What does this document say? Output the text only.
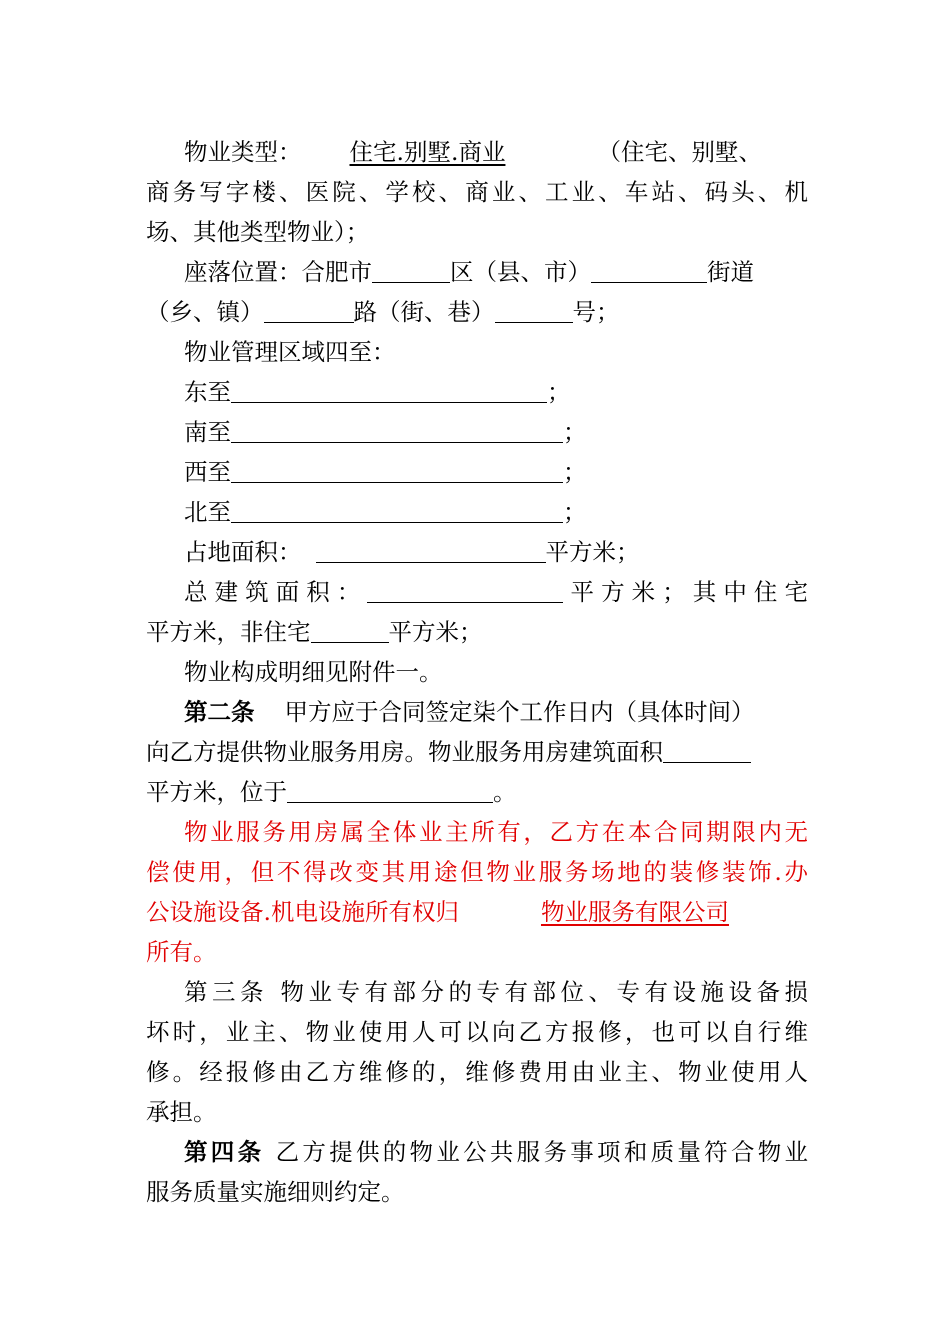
物业类型： 住宅.别墅.商业	（住宅、别墅、
商务写字楼、医院、学校、商业、工业、车站、码头、机
场、其他类型物业）；
座落位置：合肥市	区（县、市）	街道
（乡、镇）	路（街、巷）	号；
物业管理区域四至：
东至	；
南至	；
西至	；
北至	；
占地面积：	平方米；
总建筑面积：	平方米；其中住宅
平方米，非住宅	平方米；
物业构成明细见附件一。
第二条 甲方应于合同签定柒个工作日内（具体时间）
向乙方提供物业服务用房。物业服务用房建筑面积
平方米，位于	。
物业服务用房属全体业主所有，乙方在本合同期限内无
偿使用，但不得改变其用途但物业服务场地的装修装饰.办
公设施设备.机电设施所有权归	物业服务有限公司
所有。
第三条 物业专有部分的专有部位、专有设施设备损
坏时，业主、物业使用人可以向乙方报修，也可以自行维
修。经报修由乙方维修的，维修费用由业主、物业使用人
承担。
第四条 乙方提供的物业公共服务事项和质量符合物业
服务质量实施细则约定。
